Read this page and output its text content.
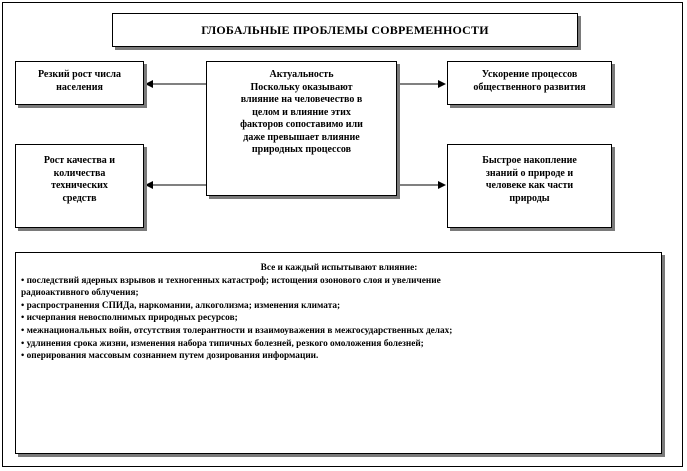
ГЛОБАЛЬНЫЕ ПРОБЛЕМЫ СОВРЕМЕННОСТИ
Резкий рост числа
населения
Рост качества и
количества
технических
средств
Актуальность
Поскольку оказывают
влияние на человечество в
целом и влияние этих
факторов сопоставимо или
даже превышает влияние
природных процессов
Ускорение процессов
общественного развития
Быстрое накопление
знаний о природе и
человеке как части
природы
Все и каждый испытывают влияние:
• последствий ядерных взрывов и техногенных катастроф; истощения озонового слоя и увеличение
радиоактивного облучения;
• распространения СПИДа, наркомании, алкоголизма; изменения климата;
• исчерпания невосполнимых природных ресурсов;
• межнациональных войн, отсутствия толерантности и взаимоуважения в межгосударственных делах;
• удлинения срока жизни, изменения набора типичных болезней, резкого омоложения болезней;
• оперирования массовым сознанием путем дозирования информации.
